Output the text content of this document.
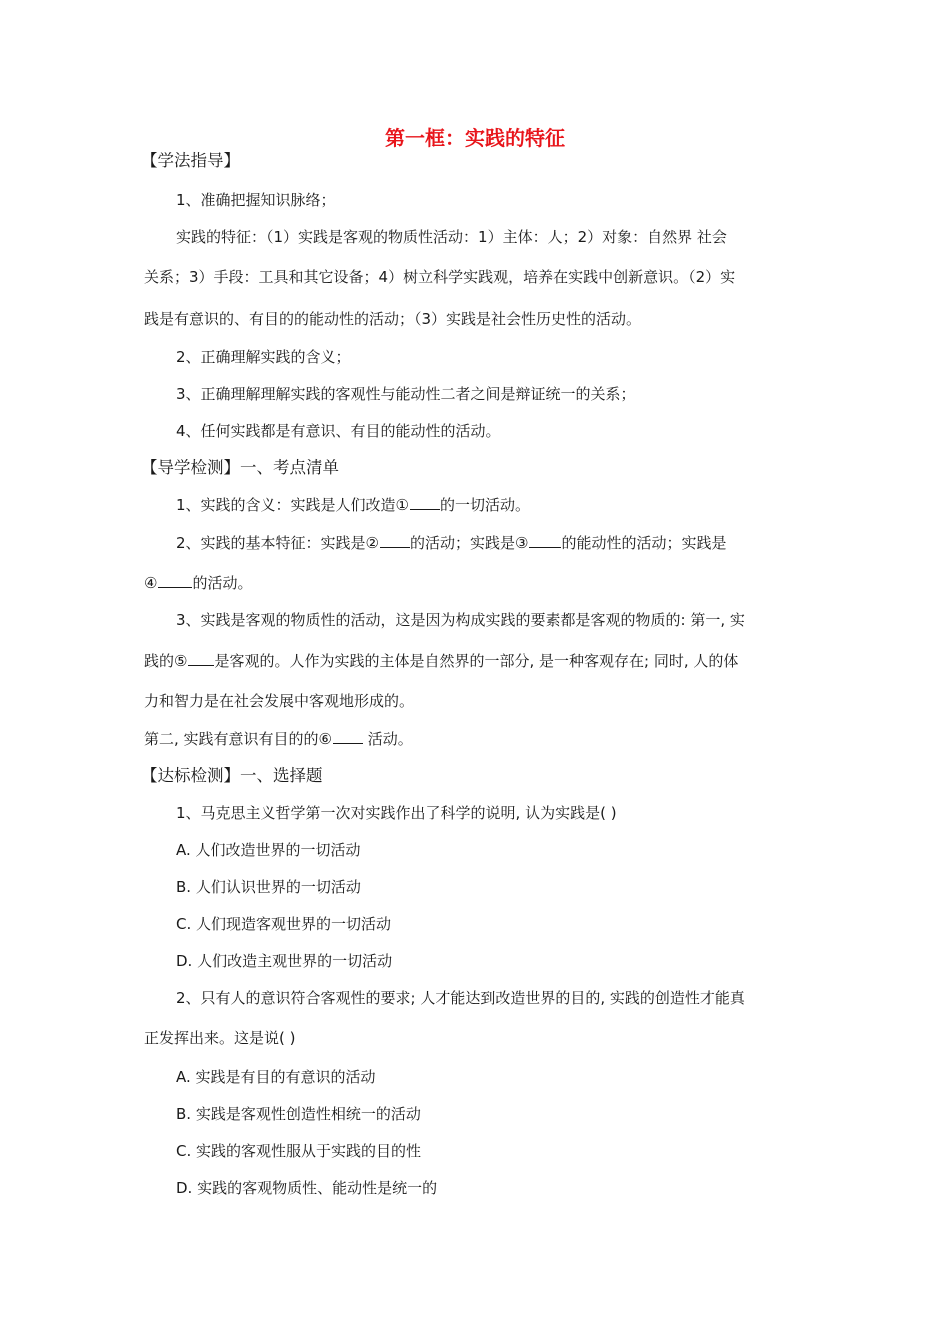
第一框：实践的特征
【学法指导】
1、准确把握知识脉络；
实践的特征：（1）实践是客观的物质性活动：1）主体：人；2）对象：自然界 社会
关系；3）手段：工具和其它设备；4）树立科学实践观，培养在实践中创新意识。（2）实
践是有意识的、有目的的能动性的活动；（3）实践是社会性历史性的活动。
2、正确理解实践的含义；
3、正确理解理解实践的客观性与能动性二者之间是辩证统一的关系；
4、任何实践都是有意识、有目的能动性的活动。
【导学检测】一、考点清单
1、实践的含义：实践是人们改造① 的一切活动。
2、实践的基本特征：实践是② 的活动；实践是③ 的能动性的活动；实践是
④ 的活动。
3、实践是客观的物质性的活动，这是因为构成实践的要素都是客观的物质的: 第一, 实
践的⑤ 是客观的。人作为实践的主体是自然界的一部分, 是一种客观存在; 同时, 人的体
力和智力是在社会发展中客观地形成的。
第二, 实践有意识有目的的⑥ 活动。
【达标检测】一、选择题
1、马克思主义哲学第一次对实践作出了科学的说明, 认为实践是( )
A. 人们改造世界的一切活动
B. 人们认识世界的一切活动
C. 人们现造客观世界的一切活动
D. 人们改造主观世界的一切活动
2、只有人的意识符合客观性的要求; 人才能达到改造世界的目的, 实践的创造性才能真
正发挥出来。这是说( )
A. 实践是有目的有意识的活动
B. 实践是客观性创造性相统一的活动
C. 实践的客观性服从于实践的目的性
D. 实践的客观物质性、能动性是统一的
